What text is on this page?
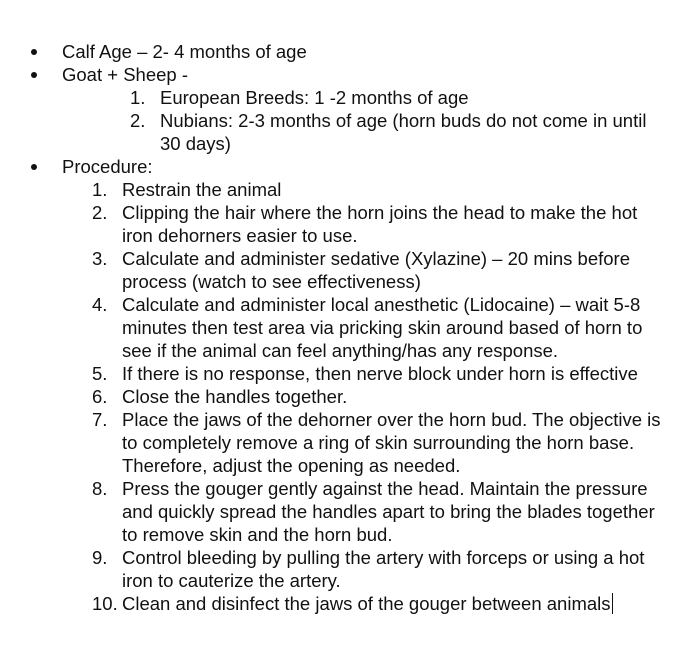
Calf Age – 2- 4 months of age
Goat + Sheep -
1. European Breeds: 1 -2 months of age
2. Nubians: 2-3 months of age (horn buds do not come in until 30 days)
Procedure:
1. Restrain the animal
2. Clipping the hair where the horn joins the head to make the hot iron dehorners easier to use.
3. Calculate and administer sedative (Xylazine) – 20 mins before process (watch to see effectiveness)
4. Calculate and administer local anesthetic (Lidocaine) – wait 5-8 minutes then test area via pricking skin around based of horn to see if the animal can feel anything/has any response.
5. If there is no response, then nerve block under horn is effective
6. Close the handles together.
7. Place the jaws of the dehorner over the horn bud. The objective is to completely remove a ring of skin surrounding the horn base. Therefore, adjust the opening as needed.
8. Press the gouger gently against the head. Maintain the pressure and quickly spread the handles apart to bring the blades together to remove skin and the horn bud.
9. Control bleeding by pulling the artery with forceps or using a hot iron to cauterize the artery.
10. Clean and disinfect the jaws of the gouger between animals
